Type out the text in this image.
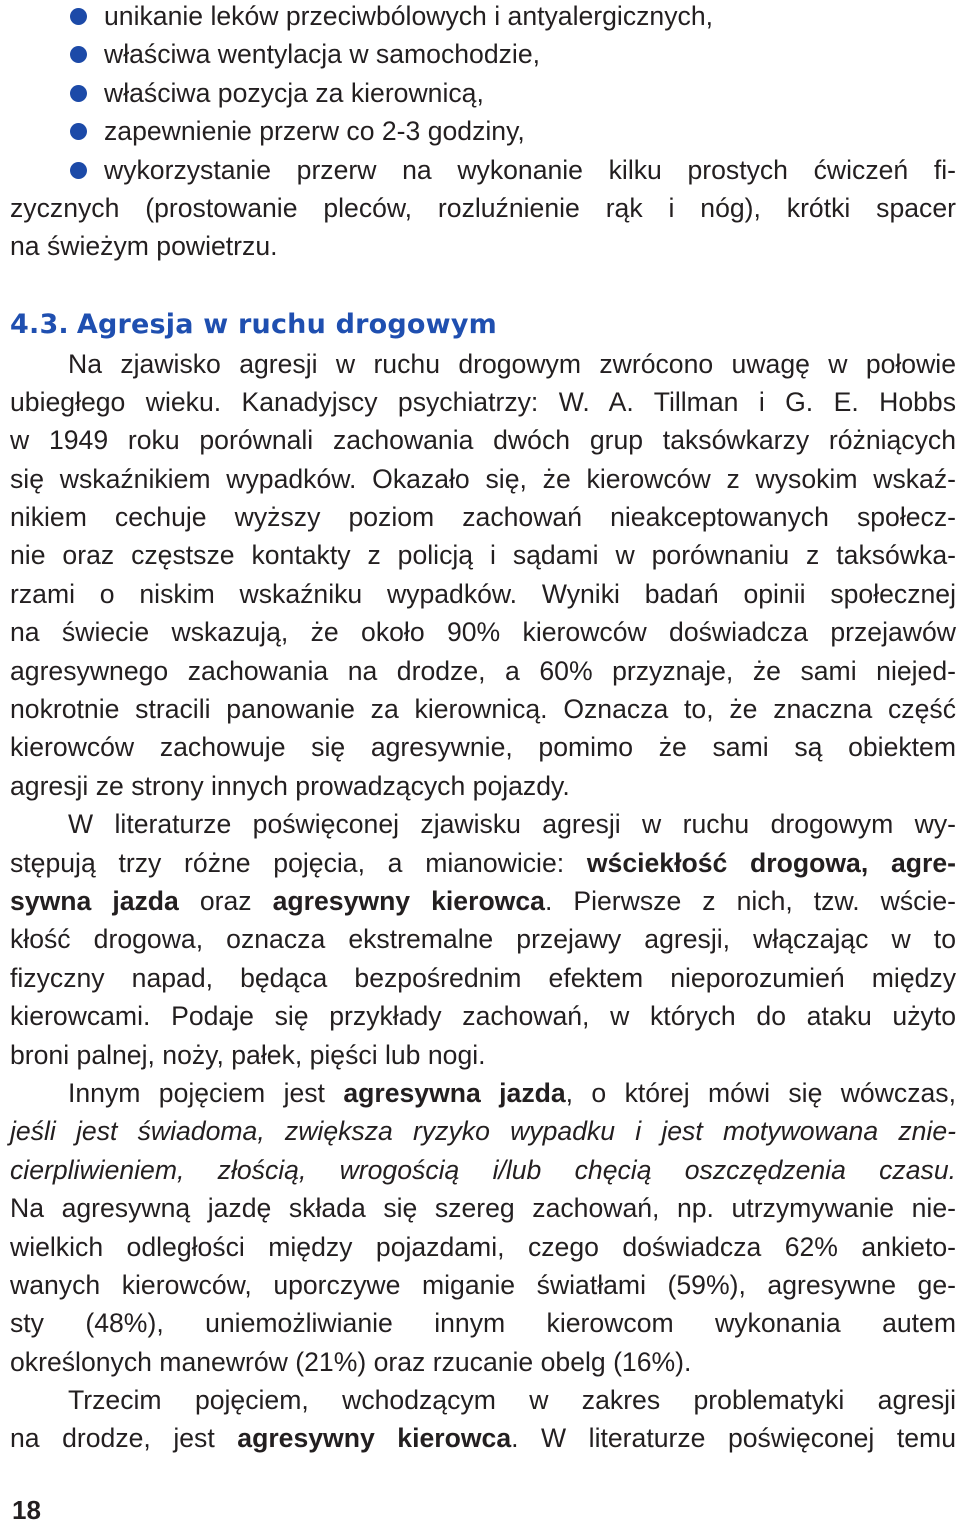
unikanie leków przeciwbólowych i antyalergicznych,
właściwa wentylacja w samochodzie,
właściwa pozycja za kierownicą,
zapewnienie przerw co 2-3 godziny,
wykorzystanie przerw na wykonanie kilku prostych ćwiczeń fi-
zycznych (prostowanie pleców, rozluźnienie rąk i nóg), krótki spacer
na świeżym powietrzu.
4.3. Agresja w ruchu drogowym
Na zjawisko agresji w ruchu drogowym zwrócono uwagę w połowie
ubiegłego wieku. Kanadyjscy psychiatrzy: W. A. Tillman i G. E. Hobbs
w 1949 roku porównali zachowania dwóch grup taksówkarzy różniących
się wskaźnikiem wypadków. Okazało się, że kierowców z wysokim wskaź-
nikiem cechuje wyższy poziom zachowań nieakceptowanych społecz-
nie oraz częstsze kontakty z policją i sądami w porównaniu z taksówka-
rzami o niskim wskaźniku wypadków. Wyniki badań opinii społecznej
na świecie wskazują, że około 90% kierowców doświadcza przejawów
agresywnego zachowania na drodze, a 60% przyznaje, że sami niejed-
nokrotnie stracili panowanie za kierownicą. Oznacza to, że znaczna część
kierowców zachowuje się agresywnie, pomimo że sami są obiektem
agresji ze strony innych prowadzących pojazdy.
W literaturze poświęconej zjawisku agresji w ruchu drogowym wy-
stępują trzy różne pojęcia, a mianowicie: wściekłość drogowa, agre-
sywna jazda oraz agresywny kierowca. Pierwsze z nich, tzw. wście-
kłość drogowa, oznacza ekstremalne przejawy agresji, włączając w to
fizyczny napad, będąca bezpośrednim efektem nieporozumień między
kierowcami. Podaje się przykłady zachowań, w których do ataku użyto
broni palnej, noży, pałek, pięści lub nogi.
Innym pojęciem jest agresywna jazda, o której mówi się wówczas,
jeśli jest świadoma, zwiększa ryzyko wypadku i jest motywowana znie-
cierpliwieniem, złością, wrogością i/lub chęcią oszczędzenia czasu.
Na agresywną jazdę składa się szereg zachowań, np. utrzymywanie nie-
wielkich odległości między pojazdami, czego doświadcza 62% ankieto-
wanych kierowców, uporczywe miganie światłami (59%), agresywne ge-
sty (48%), uniemożliwianie innym kierowcom wykonania autem
określonych manewrów (21%) oraz rzucanie obelg (16%).
Trzecim pojęciem, wchodzącym w zakres problematyki agresji
na drodze, jest agresywny kierowca. W literaturze poświęconej temu
18
